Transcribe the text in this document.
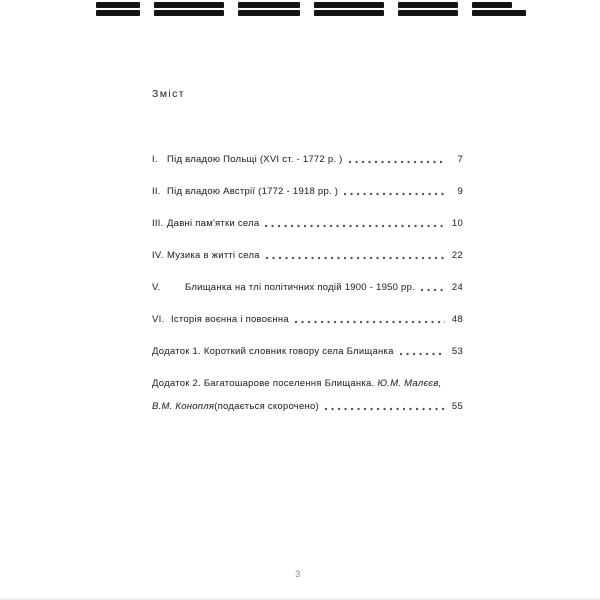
Зміст
І. Під владою Польщі (XVI ст. - 1772 р. )	7
ІІ. Під владою Австрії (1772 - 1918 рр. )	9
ІІІ. Давні пам'ятки села	10
ІV. Музика в житті села	22
V.	Блищанка на тлі політичних подій 1900 - 1950 рр.	24
VІ. Історія воєнна і повоєнна	48
Додаток 1. Короткий словник говору села Блищанка	53
Додаток 2. Багатошарове поселення Блищанка. Ю.М. Малєєв,
В.М. Конопля (подається скорочено)	55
3
